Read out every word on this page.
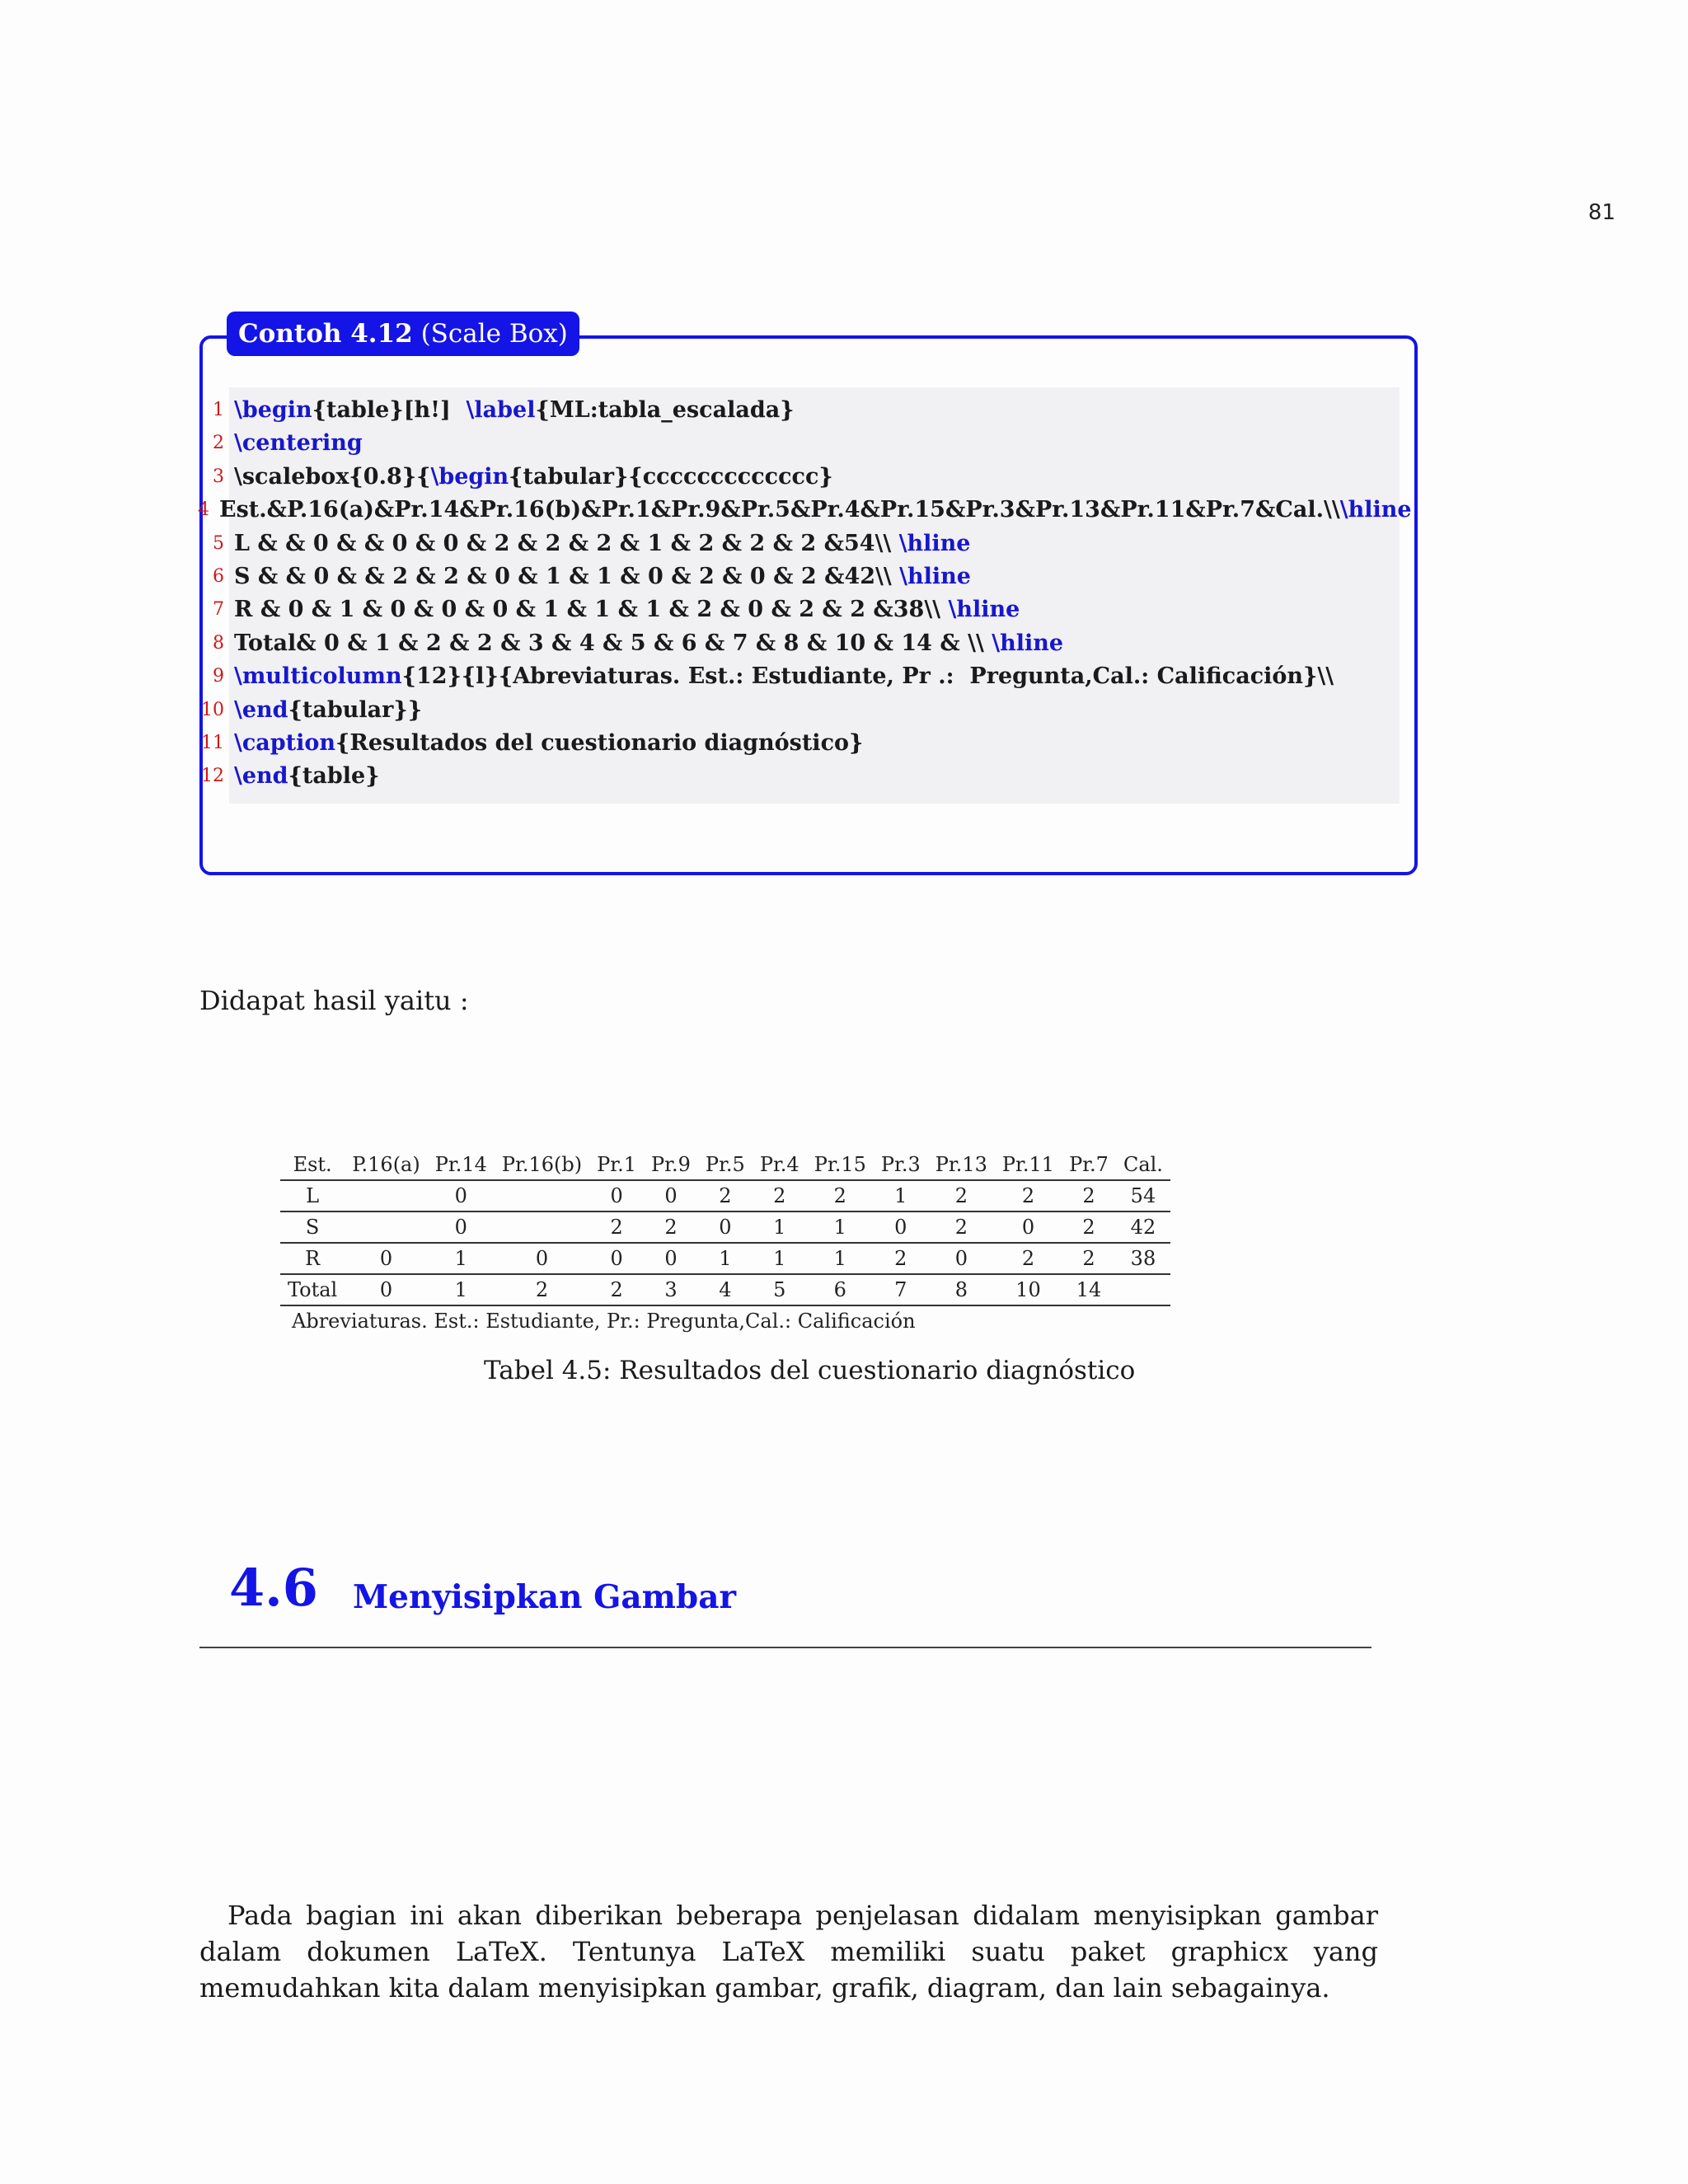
81
Contoh 4.12 (Scale Box)
1 \begin {table}[h!] \label {ML:tabla_escalada}
2 \centering
3 \scalebox{0.8}{ \begin {tabular}{ccccccccccccc}
4 Est.&P.16(a)&Pr.14&Pr.16(b)&Pr.1&Pr.9&Pr.5&Pr.4&Pr.15&Pr.3&Pr.13&Pr.11&Pr.7&Cal.\\ \hline
5 L & & 0 & & 0 & 0 & 2 & 2 & 2 & 1 & 2 & 2 & 2 &54\\ \hline
6 S & & 0 & & 2 & 2 & 0 & 1 & 1 & 0 & 2 & 0 & 2 &42\\ \hline
7 R & 0 & 1 & 0 & 0 & 0 & 1 & 1 & 1 & 2 & 0 & 2 & 2 &38\\ \hline
8 Total& 0 & 1 & 2 & 2 & 3 & 4 & 5 & 6 & 7 & 8 & 10 & 14 & \\ \hline
9 \multicolumn {12}{l}{Abreviaturas. Est.: Estudiante, Pr .:  Pregunta,Cal.: Calificación}\\
10 \end {tabular}}
11 \caption {Resultados del cuestionario diagnóstico}
12 \end {table}
Didapat hasil yaitu :
Est.	P.16(a)	Pr.14	Pr.16(b)	Pr.1	Pr.9	Pr.5	Pr.4	Pr.15	Pr.3	Pr.13	Pr.11	Pr.7	Cal.
L		0		0	0	2	2	2	1	2	2	2	54
S		0		2	2	0	1	1	0	2	0	2	42
R	0	1	0	0	0	1	1	1	2	0	2	2	38
Total	0	1	2	2	3	4	5	6	7	8	10	14	
Abreviaturas. Est.: Estudiante, Pr.: Pregunta,Cal.: Calificación													
Tabel 4.5: Resultados del cuestionario diagnóstico
4.6 Menyisipkan Gambar

Pada bagian ini akan diberikan beberapa penjelasan didalam menyisipkan gambar dalam dokumen LaTeX. Tentunya LaTeX memiliki suatu paket graphicx yang memudahkan kita dalam menyisipkan gambar, grafik, diagram, dan lain sebagainya.
